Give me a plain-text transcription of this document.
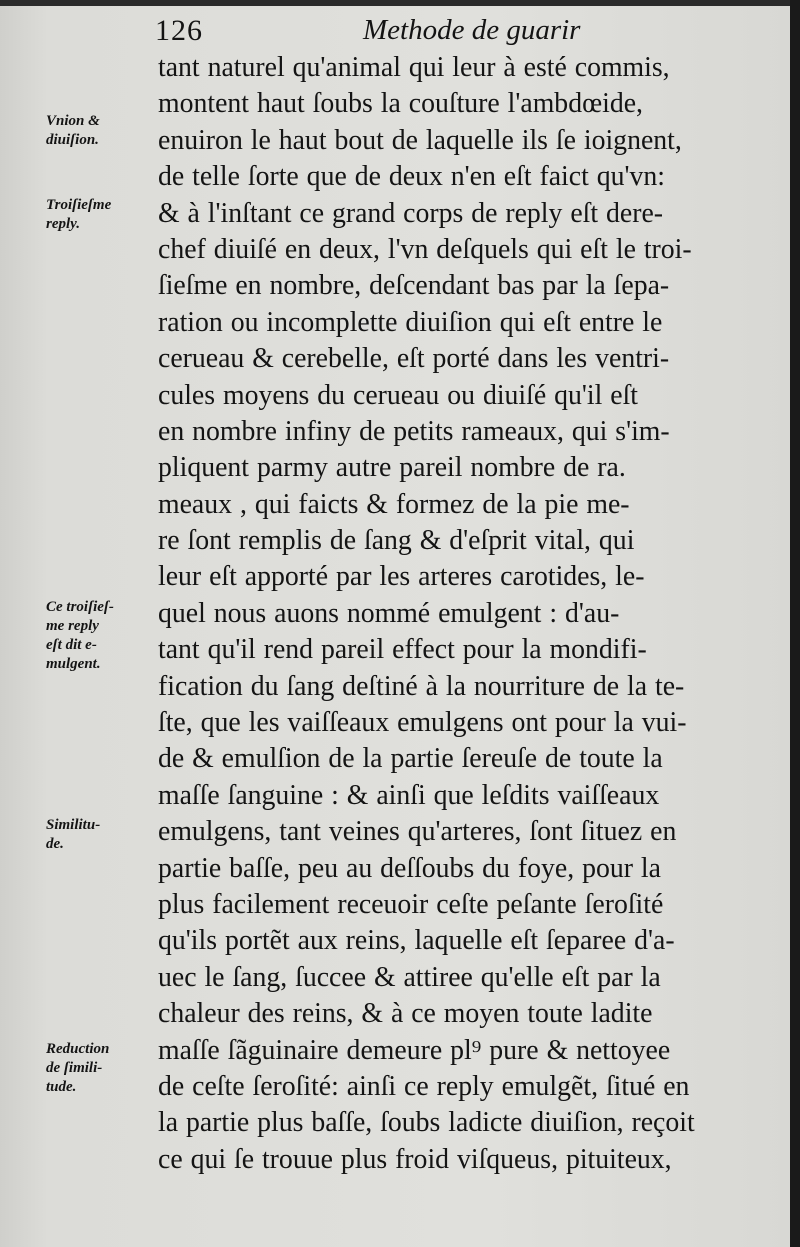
126	Methode de guarir
Vnion &
diuiſion.
Troiſieſme
reply.
Ce troiſieſ-
me reply
eſt dit e-
mulgent.
Similitu-
de.
Reduction
de ſimili-
tude.
tant naturel qu'animal qui leur à esté commis,
montent haut ſoubs la couſture l'ambdœide,
enuiron le haut bout de laquelle ils ſe ioignent,
de telle ſorte que de deux n'en eſt faict qu'vn:
& à l'inſtant ce grand corps de reply eſt dere-
chef diuiſé en deux, l'vn deſquels qui eſt le troi-
ſieſme en nombre, deſcendant bas par la ſepa-
ration ou incomplette diuiſion qui eſt entre le
cerueau & cerebelle, eſt porté dans les ventri-
cules moyens du cerueau ou diuiſé qu'il eſt
en nombre infiny de petits rameaux, qui s'im-
pliquent parmy autre pareil nombre de ra.
meaux , qui faicts & formez de la pie me-
re ſont remplis de ſang & d'eſprit vital, qui
leur eſt apporté par les arteres carotides, le-
quel nous auons nommé emulgent : d'au-
tant qu'il rend pareil effect pour la mondifi-
fication du ſang deſtiné à la nourriture de la te-
ſte, que les vaiſſeaux emulgens ont pour la vui-
de & emulſion de la partie ſereuſe de toute la
maſſe ſanguine : & ainſi que leſdits vaiſſeaux
emulgens, tant veines qu'arteres, ſont ſituez en
partie baſſe, peu au deſſoubs du foye, pour la
plus facilement receuoir ceſte peſante ſeroſité
qu'ils portẽt aux reins, laquelle eſt ſeparee d'a-
uec le ſang, ſuccee & attiree qu'elle eſt par la
chaleur des reins, & à ce moyen toute ladite
maſſe ſãguinaire demeure pl⁹ pure & nettoyee
de ceſte ſeroſité: ainſi ce reply emulgẽt, ſitué en
la partie plus baſſe, ſoubs ladicte diuiſion, reçoit
ce qui ſe trouue plus froid viſqueus, pituiteux,
